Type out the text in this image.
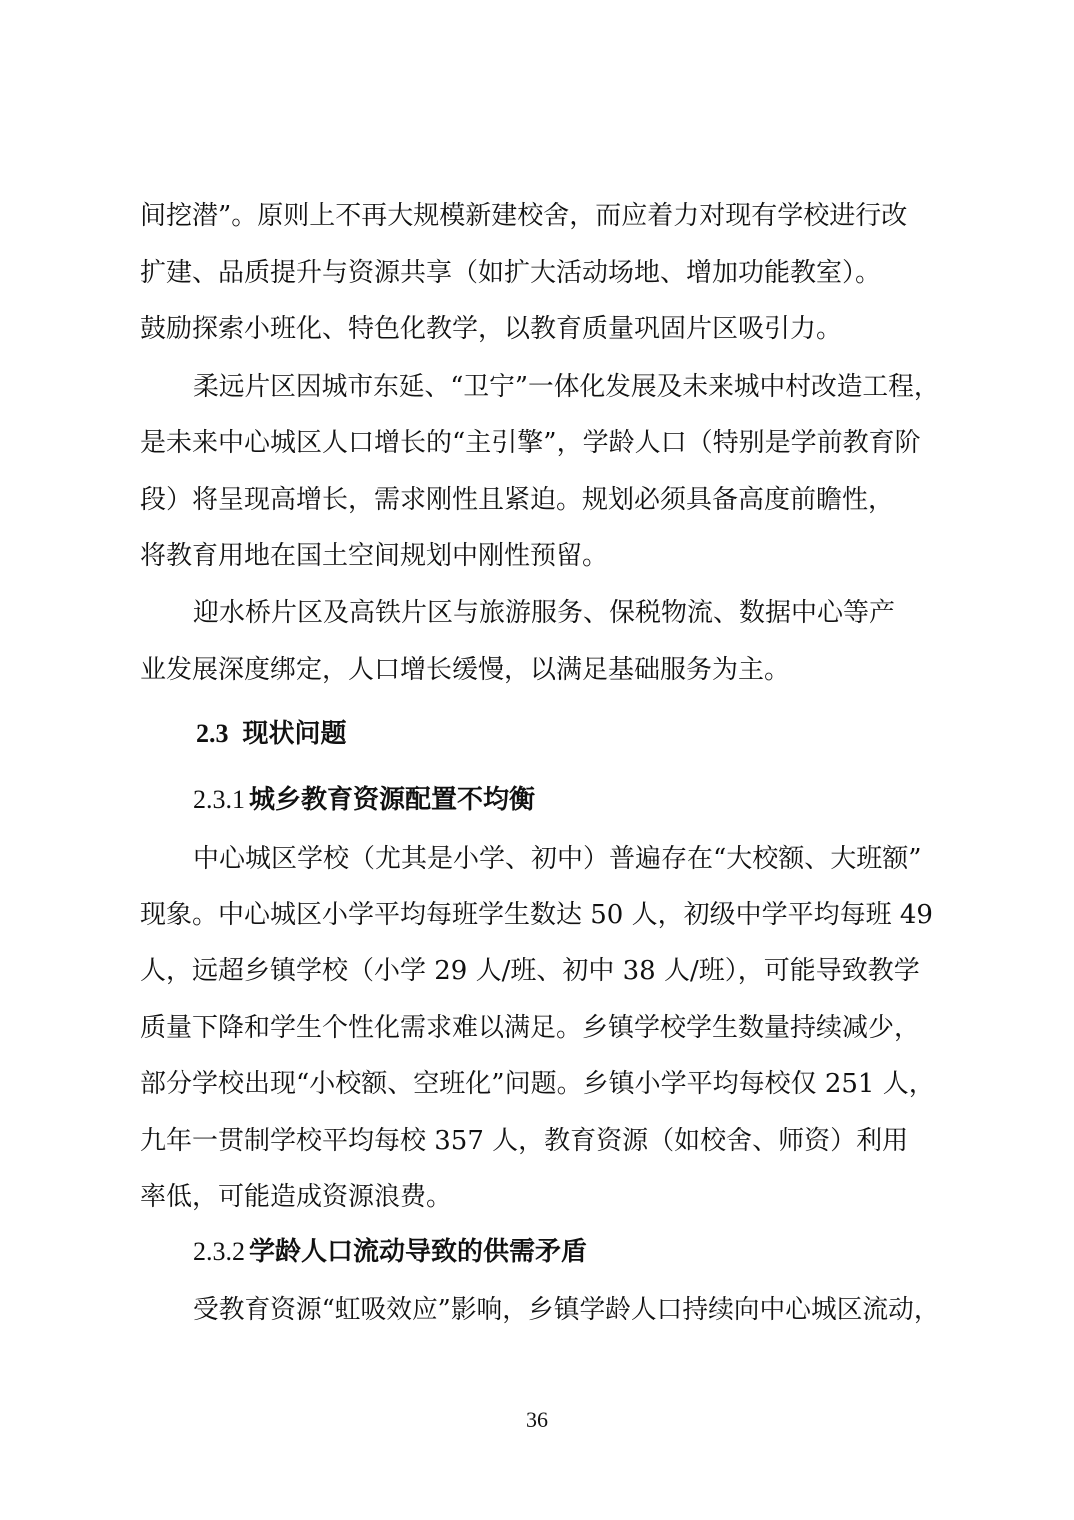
间挖潜”。原则上不再大规模新建校舍，而应着力对现有学校进行改
扩建、品质提升与资源共享（如扩大活动场地、增加功能教室）。
鼓励探索小班化、特色化教学，以教育质量巩固片区吸引力。
柔远片区因城市东延、“卫宁”一体化发展及未来城中村改造工程，
是未来中心城区人口增长的“主引擎”，学龄人口（特别是学前教育阶
段）将呈现高增长，需求刚性且紧迫。规划必须具备高度前瞻性，
将教育用地在国土空间规划中刚性预留。
迎水桥片区及高铁片区与旅游服务、保税物流、数据中心等产
业发展深度绑定，人口增长缓慢，以满足基础服务为主。
2.3 现状问题
2.3.1 城乡教育资源配置不均衡
中心城区学校（尤其是小学、初中）普遍存在“大校额、大班额”
现象。中心城区小学平均每班学生数达 50 人，初级中学平均每班 49
人，远超乡镇学校（小学 29 人/班、初中 38 人/班），可能导致教学
质量下降和学生个性化需求难以满足。乡镇学校学生数量持续减少，
部分学校出现“小校额、空班化”问题。乡镇小学平均每校仅 251 人，
九年一贯制学校平均每校 357 人，教育资源（如校舍、师资）利用
率低，可能造成资源浪费。
2.3.2 学龄人口流动导致的供需矛盾
受教育资源“虹吸效应”影响，乡镇学龄人口持续向中心城区流动，
36
